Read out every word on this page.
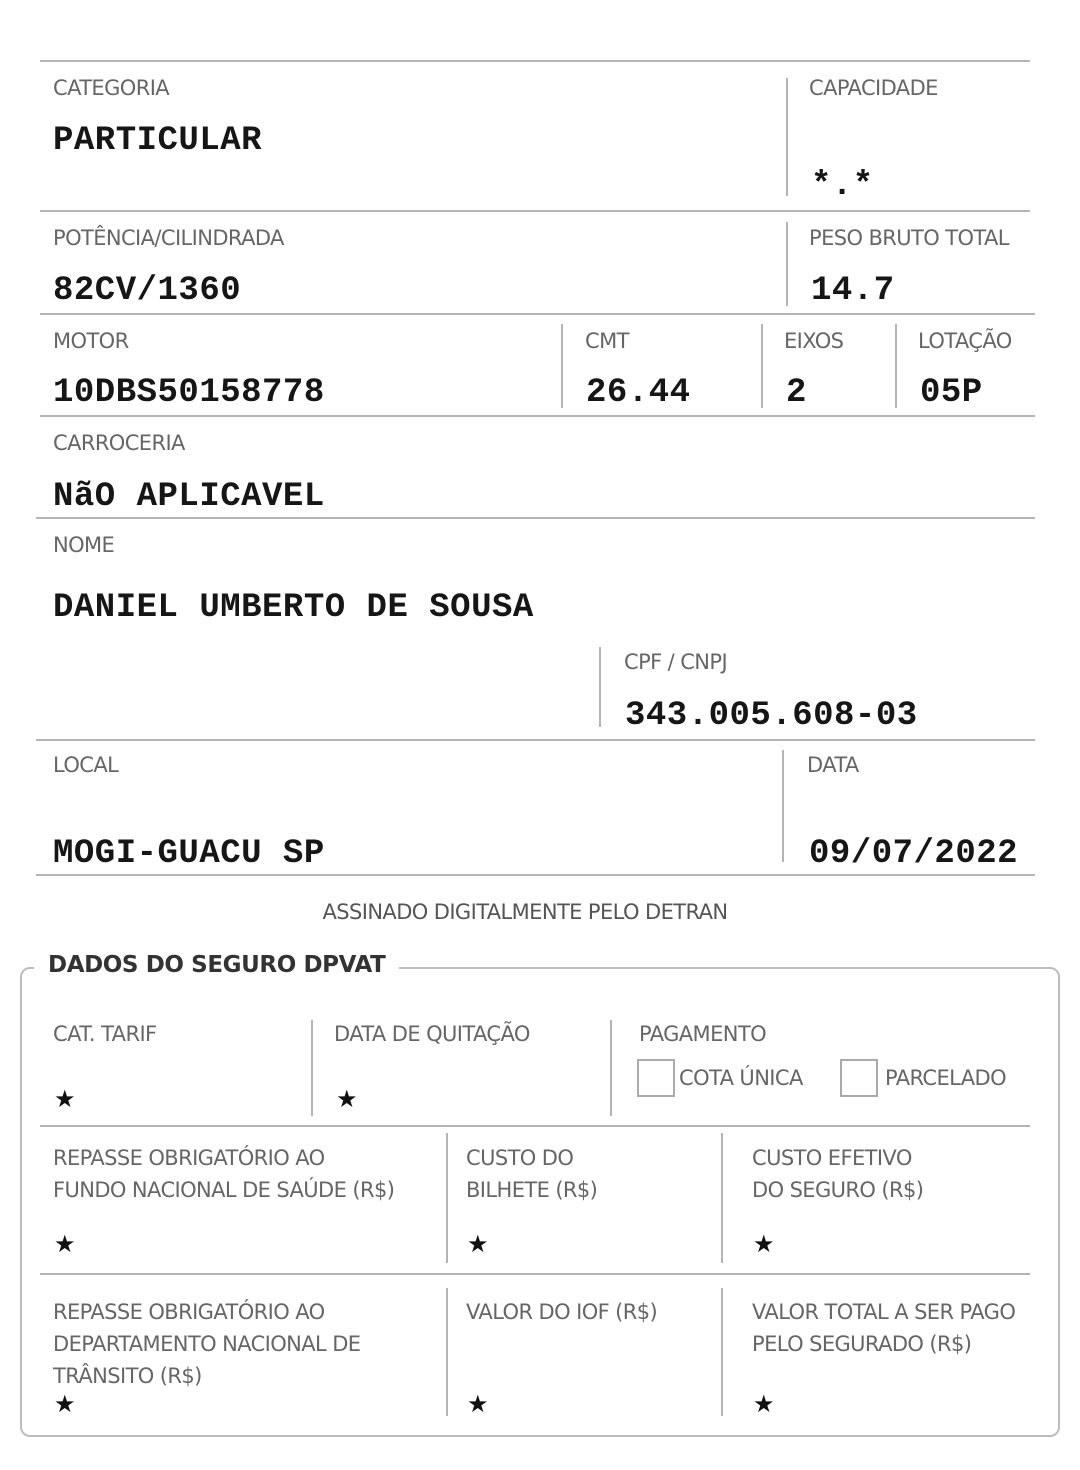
CATEGORIA
PARTICULAR
CAPACIDADE
*.*
POTÊNCIA/CILINDRADA
82CV/1360
PESO BRUTO TOTAL
14.7
MOTOR
10DBS50158778
CMT
26.44
EIXOS
2
LOTAÇÃO
05P
CARROCERIA
NãO APLICAVEL
NOME
DANIEL UMBERTO DE SOUSA
CPF / CNPJ
343.005.608-03
LOCAL
MOGI-GUACU SP
DATA
09/07/2022
ASSINADO DIGITALMENTE PELO DETRAN
DADOS DO SEGURO DPVAT
CAT. TARIF
★
DATA DE QUITAÇÃO
★
PAGAMENTO
COTA ÚNICA	PARCELADO
REPASSE OBRIGATÓRIO AO
FUNDO NACIONAL DE SAÚDE (R$)
★
CUSTO DO
BILHETE (R$)
★
CUSTO EFETIVO
DO SEGURO (R$)
★
REPASSE OBRIGATÓRIO AO
DEPARTAMENTO NACIONAL DE
TRÂNSITO (R$)
★
VALOR DO IOF (R$)
★
VALOR TOTAL A SER PAGO
PELO SEGURADO (R$)
★
